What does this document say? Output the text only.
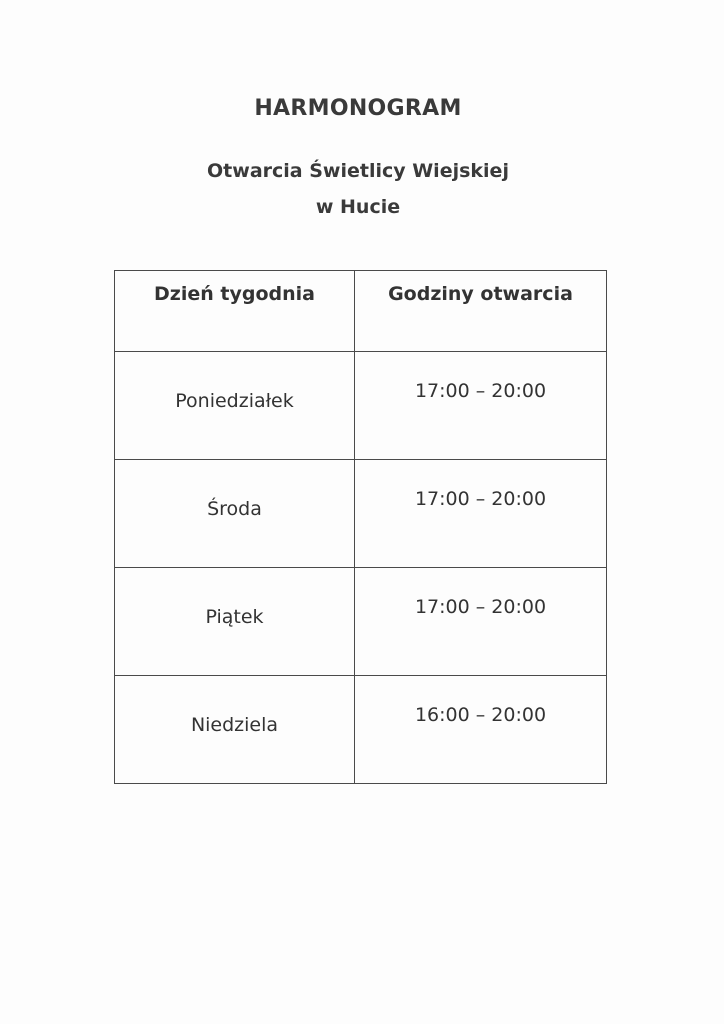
HARMONOGRAM
Otwarcia Świetlicy Wiejskiej
w Hucie
Dzień tygodnia	Godziny otwarcia

Poniedziałek	17:00 – 20:00

Środa	17:00 – 20:00

Piątek	17:00 – 20:00

Niedziela	16:00 – 20:00
